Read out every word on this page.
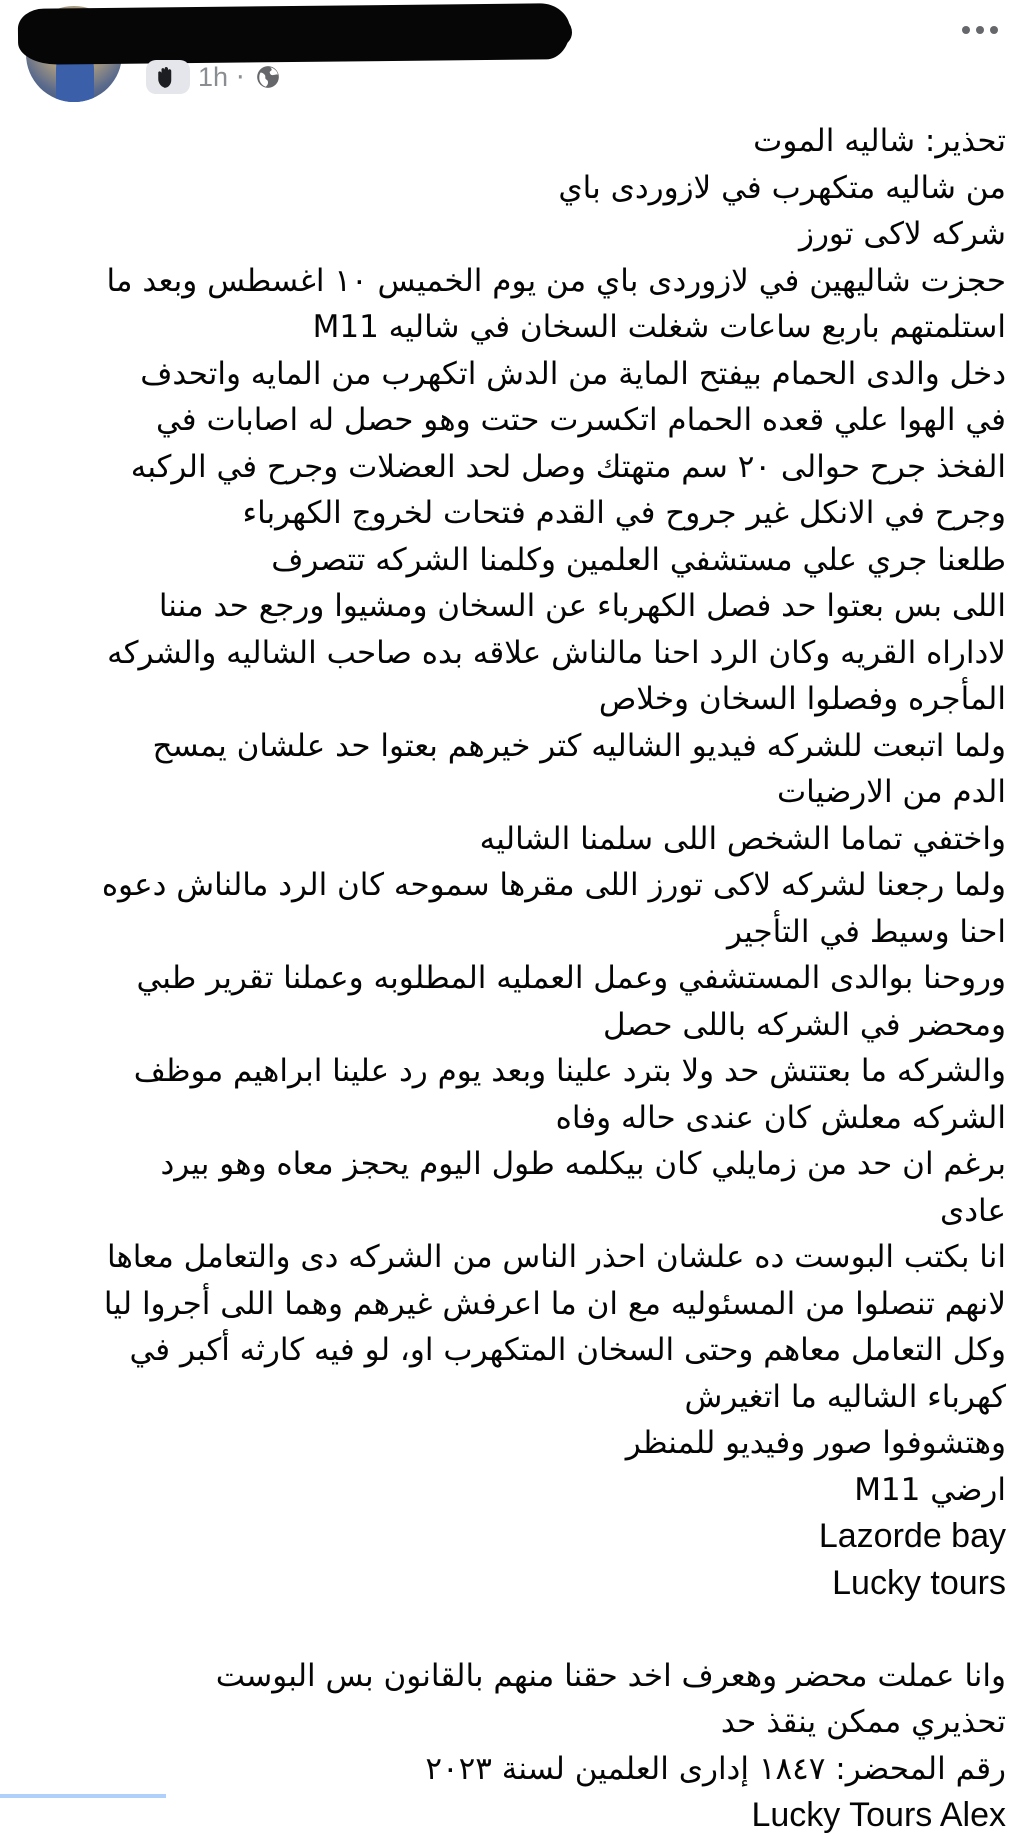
1h ·
تحذير: شاليه الموت
من شاليه متكهرب في لازوردى باي
شركه لاكى تورز
حجزت شاليهين في لازوردى باي من يوم الخميس ١٠ اغسطس وبعد ما
استلمتهم باربع ساعات شغلت السخان في شاليه M11
دخل والدى الحمام بيفتح الماية من الدش اتكهرب من المايه واتحدف
في الهوا علي قعده الحمام اتكسرت حتت وهو حصل له اصابات في
الفخذ جرح حوالى ٢٠ سم متهتك وصل لحد العضلات وجرح في الركبه
وجرح في الانكل غير جروح في القدم فتحات لخروج الكهرباء
طلعنا جري علي مستشفي العلمين وكلمنا الشركه تتصرف
اللى بس بعتوا حد فصل الكهرباء عن السخان ومشيوا ورجع حد مننا
لاداراه القريه وكان الرد احنا مالناش علاقه بده صاحب الشاليه والشركه
المأجره وفصلوا السخان وخلاص
ولما اتبعت للشركه فيديو الشاليه كتر خيرهم بعتوا حد علشان يمسح
الدم من الارضيات
واختفي تماما الشخص اللى سلمنا الشاليه
ولما رجعنا لشركه لاكى تورز اللى مقرها سموحه كان الرد مالناش دعوه
احنا وسيط في التأجير
وروحنا بوالدى المستشفي وعمل العمليه المطلوبه وعملنا تقرير طبي
ومحضر في الشركه باللى حصل
والشركه ما بعتتش حد ولا بترد علينا وبعد يوم رد علينا ابراهيم موظف
الشركه معلش كان عندى حاله وفاه
برغم ان حد من زمايلي كان بيكلمه طول اليوم يحجز معاه وهو بيرد
عادى
انا بكتب البوست ده علشان احذر الناس من الشركه دى والتعامل معاها
لانهم تنصلوا من المسئوليه مع ان ما اعرفش غيرهم وهما اللى أجروا ليا
وكل التعامل معاهم وحتى السخان المتكهرب او، لو فيه كارثه أكبر في
كهرباء الشاليه ما اتغيرش
وهتشوفوا صور وفيديو للمنظر
ارضي M11
Lazorde bay
Lucky tours
وانا عملت محضر وهعرف اخد حقنا منهم بالقانون بس البوست
تحذيري ممكن ينقذ حد
رقم المحضر: ١٨٤٧ إدارى العلمين لسنة ٢٠٢٣
Lucky Tours Alex
